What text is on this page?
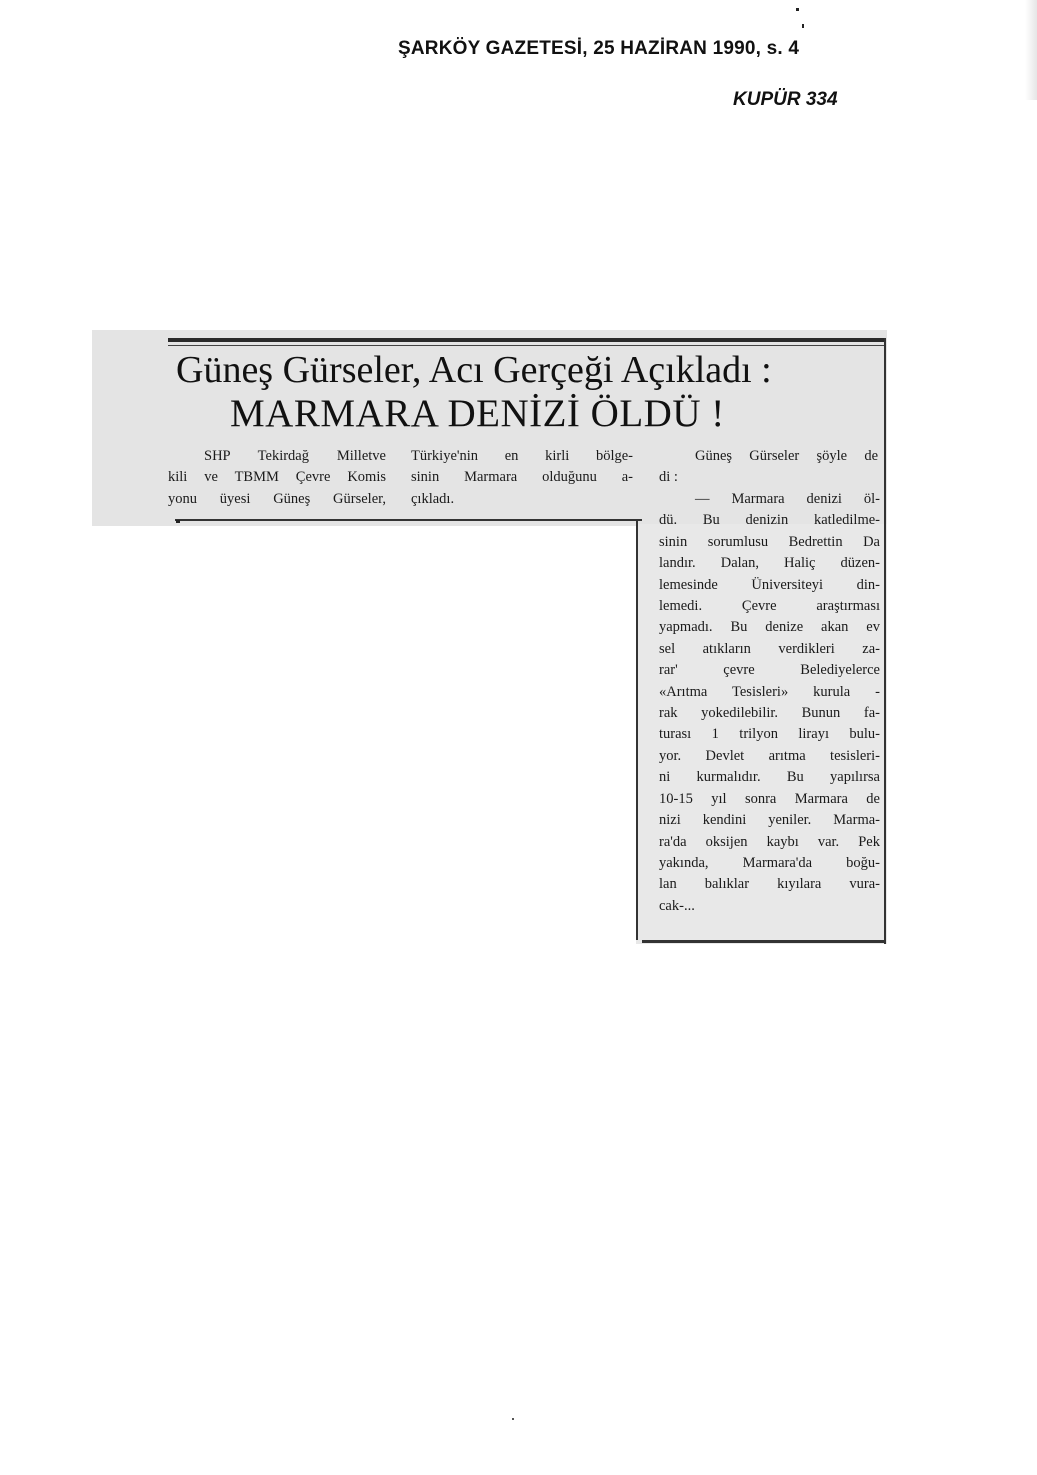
ŞARKÖY GAZETESİ, 25 HAZİRAN 1990, s. 4
KUPÜR 334
Güneş Gürseler, Acı Gerçeği Açıkladı :
MARMARA DENİZİ ÖLDÜ !
SHP Tekirdağ Milletve
kili ve TBMM Çevre Komis
yonu üyesi Güneş Gürseler,
Türkiye'nin en kirli bölge-
sinin Marmara olduğunu a-
çıkladı.
Güneş Gürseler şöyle de
di :
— Marmara denizi öl-
dü. Bu denizin katledilme-
sinin sorumlusu Bedrettin Da
landır. Dalan, Haliç düzen-
lemesinde Üniversiteyi din-
lemedi. Çevre araştırması
yapmadı. Bu denize akan ev
sel atıkların verdikleri za-
rar' çevre Belediyelerce
«Arıtma Tesisleri» kurula -
rak yokedilebilir. Bunun fa-
turası 1 trilyon lirayı bulu-
yor. Devlet arıtma tesisleri-
ni kurmalıdır. Bu yapılırsa
10-15 yıl sonra Marmara de
nizi kendini yeniler. Marma-
ra'da oksijen kaybı var. Pek
yakında, Marmara'da boğu-
lan balıklar kıyılara vura-
cak-...
